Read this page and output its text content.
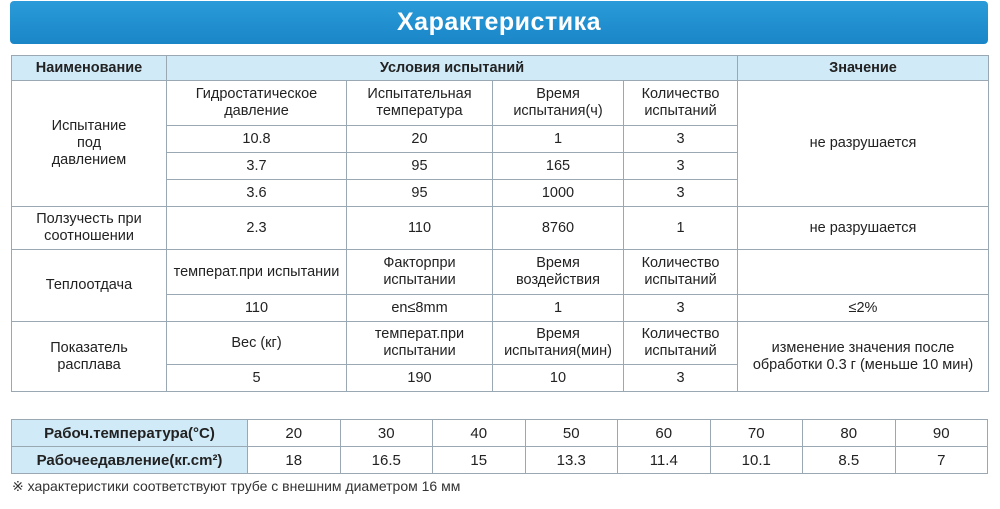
Характеристика
Наименование	Условия испытаний				Значение
Испытание под давлением	Гидростатическое давление	Испытательная температура	Время испытания(ч)	Количество испытаний	не разрушается
	10.8	20	1	3	
	3.7	95	165	3	
	3.6	95	1000	3	
Ползучесть при соотношении	2.3	110	8760	1	не разрушается
Теплоотдача	температ.при испытании	Факторпри испытании	Время воздействия	Количество испытаний	
	110	en≤8mm	1	3	≤2%
Показатель расплава	Вес (кг)	температ.при испытании	Время испытания(мин)	Количество испытаний	изменение значения после обработки 0.3 г (меньше 10 мин)
	5	190	10	3	
Рабоч.температура(°C)	20	30	40	50	60	70	80	90
Рабочеедавление(кг.cm²)	18	16.5	15	13.3	11.4	10.1	8.5	7
※ характеристики соответствуют трубе с внешним диаметром 16 мм
